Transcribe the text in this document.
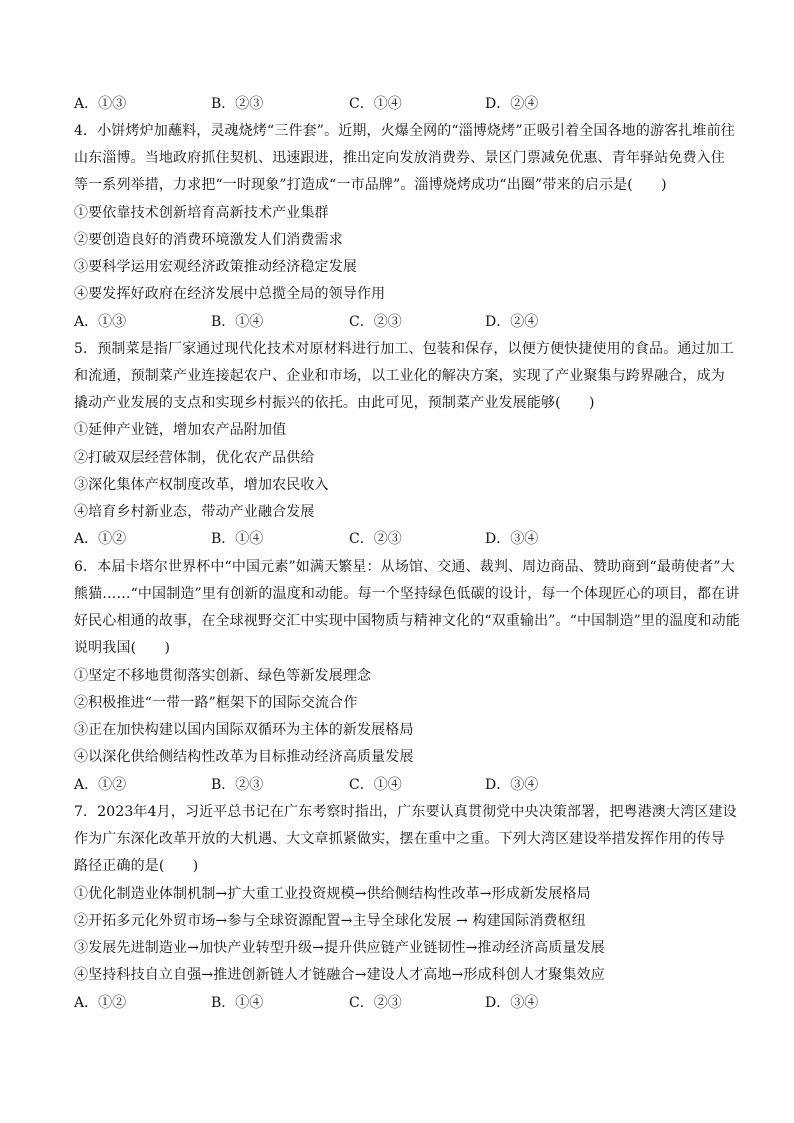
A．①③	B．②③	C．①④	D．②④
4．小饼烤炉加蘸料，灵魂烧烤“三件套”。近期，火爆全网的“淄博烧烤”正吸引着全国各地的游客扎堆前往
山东淄博。当地政府抓住契机、迅速跟进，推出定向发放消费券、景区门票减免优惠、青年驿站免费入住
等一系列举措，力求把“一时现象”打造成“一市品牌”。淄博烧烤成功“出圈”带来的启示是(　　)
①要依靠技术创新培育高新技术产业集群
②要创造良好的消费环境激发人们消费需求
③要科学运用宏观经济政策推动经济稳定发展
④要发挥好政府在经济发展中总揽全局的领导作用
A．①③	B．①④	C．②③	D．②④
5．预制菜是指厂家通过现代化技术对原材料进行加工、包装和保存，以便方便快捷使用的食品。通过加工
和流通，预制菜产业连接起农户、企业和市场，以工业化的解决方案，实现了产业聚集与跨界融合，成为
撬动产业发展的支点和实现乡村振兴的依托。由此可见，预制菜产业发展能够(　　)
①延伸产业链，增加农产品附加值
②打破双层经营体制，优化农产品供给
③深化集体产权制度改革，增加农民收入
④培育乡村新业态，带动产业融合发展
A．①②	B．①④	C．②③	D．③④
6．本届卡塔尔世界杯中“中国元素”如满天繁星：从场馆、交通、裁判、周边商品、赞助商到“最萌使者”大
熊猫……“中国制造”里有创新的温度和动能。每一个坚持绿色低碳的设计，每一个体现匠心的项目，都在讲
好民心相通的故事，在全球视野交汇中实现中国物质与精神文化的“双重输出”。“中国制造”里的温度和动能
说明我国(　　)
①坚定不移地贯彻落实创新、绿色等新发展理念
②积极推进“一带一路”框架下的国际交流合作
③正在加快构建以国内国际双循环为主体的新发展格局
④以深化供给侧结构性改革为目标推动经济高质量发展
A．①②	B．②③	C．①④	D．③④
7．2023年4月，习近平总书记在广东考察时指出，广东要认真贯彻党中央决策部署，把粤港澳大湾区建设
作为广东深化改革开放的大机遇、大文章抓紧做实，摆在重中之重。下列大湾区建设举措发挥作用的传导
路径正确的是(　　)
①优化制造业体制机制→扩大重工业投资规模→供给侧结构性改革→形成新发展格局
②开拓多元化外贸市场→参与全球资源配置→主导全球化发展 → 构建国际消费枢纽
③发展先进制造业→加快产业转型升级→提升供应链产业链韧性→推动经济高质量发展
④坚持科技自立自强→推进创新链人才链融合→建设人才高地→形成科创人才聚集效应
A．①②	B．①④	C．②③	D．③④
